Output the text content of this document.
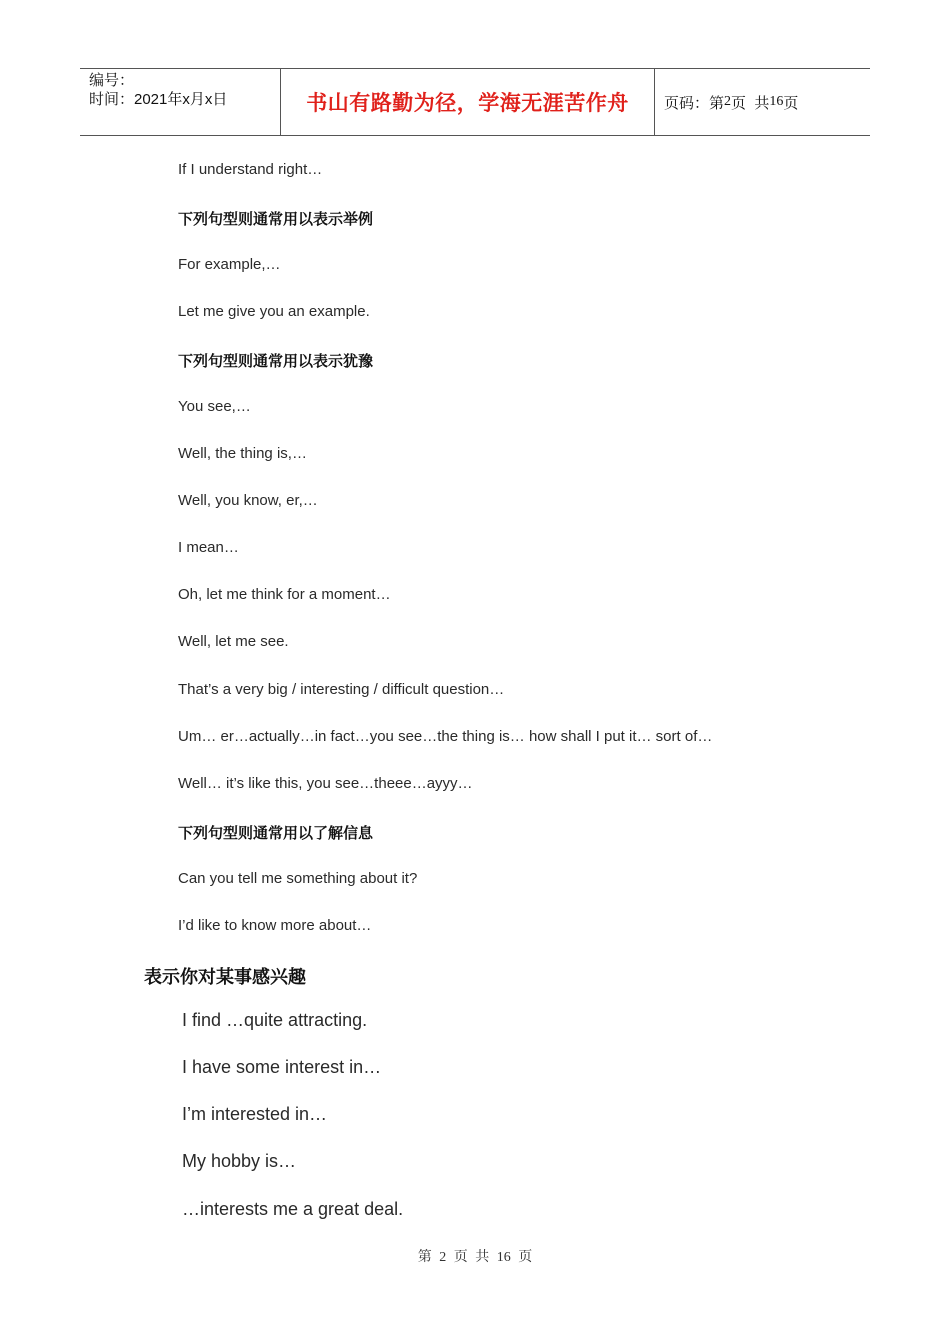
编号：
时间：2021年x月x日	书山有路勤为径，学海无涯苦作舟	页码：第 2 页  共 16 页
If I understand right…
下列句型则通常用以表示举例
For example,…
Let me give you an example.
下列句型则通常用以表示犹豫
You see,…
Well, the thing is,…
Well, you know, er,…
I mean…
Oh, let me think for a moment…
Well, let me see.
That’s a very big / interesting / difficult question…
Um… er…actually…in fact…you see…the thing is… how shall I put it… sort of…
Well… it’s like this, you see…theee…ayyy…
下列句型则通常用以了解信息
Can you tell me something about it?
I’d like to know more about…
表示你对某事感兴趣
I find …quite attracting.
I have some interest in…
I’m interested in…
My hobby is…
…interests me a great deal.
第 2 页 共 16 页
